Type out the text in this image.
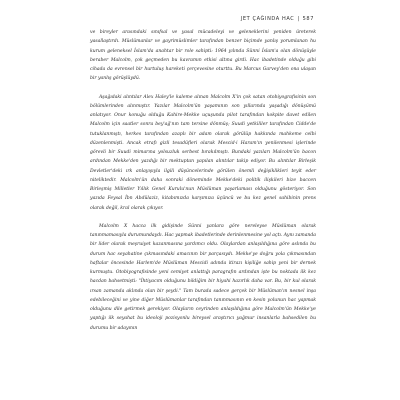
JET ÇAĞINDA HAC | 587

ve bireyler arasındaki sınıfsal ve yasal mücadeleyi ve geleneklerini yeniden üreterek yasallaştırdı. Müslümanlar ve gayrimüslimler tarafından benzer biçimde yanlış yorumlanan hu kurum geleneksel İslam'da anahtar bir role sahipti: 1964 yılında Sünni İslam'a olan dönüşüyle beraber Malcolm, çok geçmeden bu kavramın etkisi altına girdi. Hac ibadetinde olduğu gibi cihada da evrensel bir hurtuluş hareketi çerçevesine oturttu. Bu Marcus Garvey'den ona ulaşan bir yanlış görüşlüydü.

Aşağıdaki alıntılar Alex Haley'le kaleme alınan Malcolm X'in çok satan otobiyografisinin son bölümlerinden alınmıştır. Yazılar Malcolm'ün yaşamının son yıllarında yaşadığı dönüşümü anlatıyor. Onur konuğu olduğu Kahire-Mekke uçuşunda pilot tarafından kokpite davet edilen Malcolm için saatler sonra bey'ağ'nın tam tersine dönmüş; Suudi yetkililer tarafından Cidde'de tutuklanmıştı, herkes tarafından azaplı bir adam olarak görülüp hakkında mahkeme celbi düzenlenmişti. Ancak etrafı gizli tesadüfleri olarak Mescid-i Haram'ın yenilenmesi işlerinde görevli bir Suudi mimarına yolsuzluk serbest bırakılmıştı. Bundaki yazıları Malcolm'ün bacon ardından Mekke'den yazdığı bir mektuptan yapılan alıntılar takip ediyor. Bu alıntılar Birleşik Devletler'deki ırk anlayışıyla ilgili düşüncelerinde görülen önemli değişiklikleri teyit eder niteliktedir. Malcolm'ün daha sonraki döneminde Mekke'deki politik ilişkileri bize baccen Birleşmiş Milletler Yıllık Genel Kurulu'nun Müslüman yaşarlaması olduğunu gösteriyor. Son yazıda Feysal İbn Abdülaziz, kitabımızda karşımıza üçüncü ve bu kez genel sahibinin prens olarak değil, kral olarak çıkıyor.

Malcolm X hacca ilk gidişinde Sünni yanlara göre nereleyse Müslüman olarak tanınmamasıyla durumundaydı. Hac yapmak ibadetlerinde derinlenmesine yol açtı. Aynı zamanda bir lider olarak meşruiyet kazanmasına yardımcı oldu. Olaylardan anlaşıldığına göre aslında bu durum hac seyahatine çıkmasındaki amacının bir parçasıydı. Mekke'ye doğru yola çıkmasından haftalar öncesinde Harlem'de Müslüman Mescidi adında itirazı kişiliğe sahip yeni bir dernek kurmuştu. Otobiyografisinde yeni cemiyet anlattığı paragrafın ardından işte bu noktada ilk kez hacdan bahsetmişti: "İhtiyacım olduğunu bildiğim bir hiyahi hazırlık daha var. Bu, bir kul olarak ırsan zamanda aklında olan bir şeydi." Tam burada sadece gerçek bir Müslüman'ın nesnel inşa edebileceğini ve yine diğer Müslümanlar tarafından tanınmasının en kesin yolunun hac yapmak olduğunu dile getirmek gerekiyor. Olayların ceyrinden anlaşıldığına göre Malcolm'ün Mekke'ye yaptığı ilk seyahat bu ideoloji pozisyonlu bireysel araştırıcı yağmur insanlarla bahsedilen bu durumu bir adayının
